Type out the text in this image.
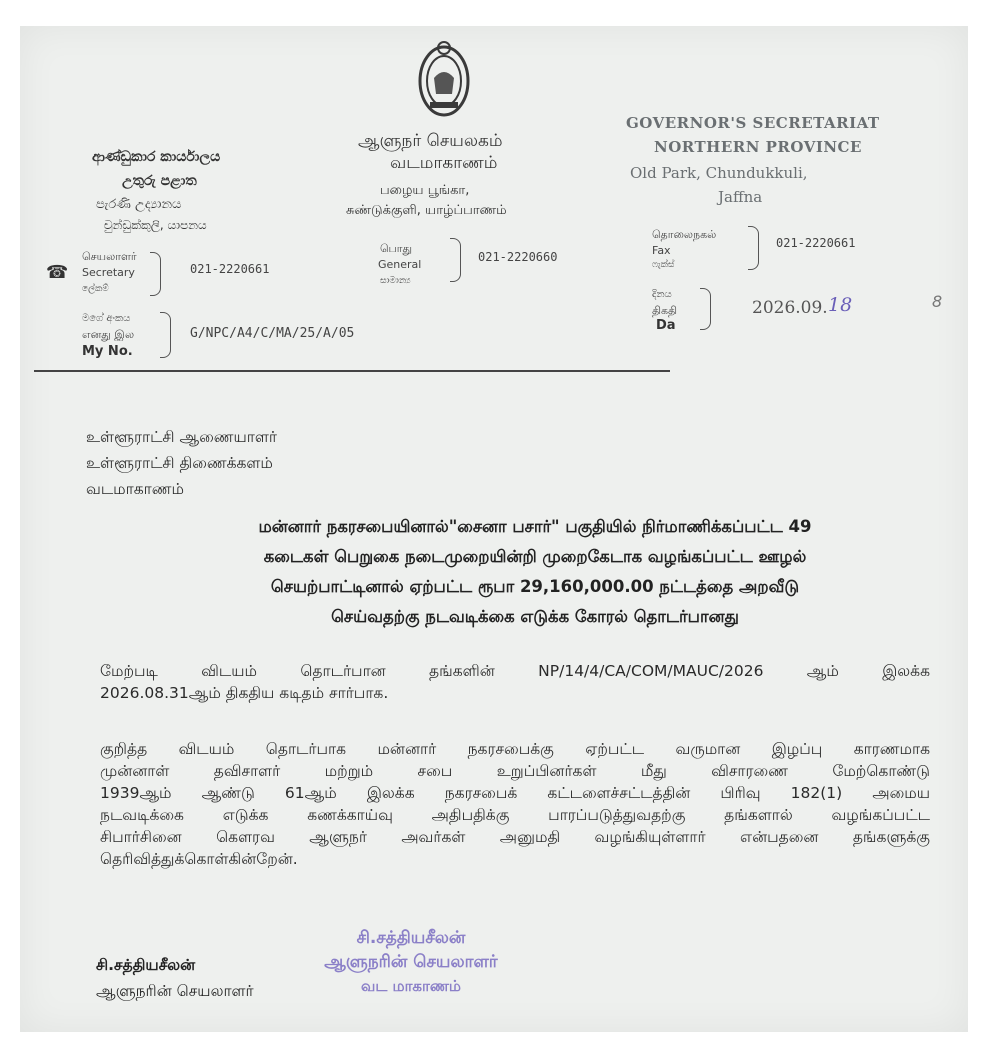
ආණ්ඩුකාර කාර්යාලය
උතුරු පළාත
පැරණි උද්‍යානය
චුන්ඩුක්කුලි, යාපනය
ஆளுநர் செயலகம்
வடமாகாணம்
பழைய பூங்கா,
சுண்டுக்குளி, யாழ்ப்பாணம்
GOVERNOR'S SECRETARIAT
NORTHERN PROVINCE
Old Park, Chundukkuli,
Jaffna
☎
செயலாளர்
Secretary
ලේකම්
021-2220661
பொது
General
සාමාන්‍ය
021-2220660
தொலைநகல்
Fax
ෆැක්ස්
021-2220661
මගේ අංකය
எனது இல
My No.
G/NPC/A4/C/MA/25/A/05
දිනය
திகதி
Da
2026.09. 18	8
உள்ளூராட்சி ஆணையாளர்
உள்ளூராட்சி திணைக்களம்
வடமாகாணம்
மன்னார் நகரசபையினால்"சைனா பசார்" பகுதியில் நிர்மாணிக்கப்பட்ட 49
கடைகள் பெறுகை நடைமுறையின்றி முறைகேடாக வழங்கப்பட்ட ஊழல்
செயற்பாட்டினால் ஏற்பட்ட ரூபா 29,160,000.00 நட்டத்தை அறவீடு
செய்வதற்கு நடவடிக்கை எடுக்க கோரல் தொடர்பானது
மேற்படி விடயம் தொடர்பான தங்களின் NP/14/4/CA/COM/MAUC/2026 ஆம் இலக்க
2026.08.31ஆம் திகதிய கடிதம் சார்பாக.
குறித்த விடயம் தொடர்பாக மன்னார் நகரசபைக்கு ஏற்பட்ட வருமான இழப்பு காரணமாக
முன்னாள் தவிசாளர் மற்றும் சபை உறுப்பினர்கள் மீது விசாரணை மேற்கொண்டு
1939ஆம் ஆண்டு 61ஆம் இலக்க நகரசபைக் கட்டளைச்சட்டத்தின் பிரிவு 182(1) அமைய
நடவடிக்கை எடுக்க கணக்காய்வு அதிபதிக்கு பாரப்படுத்துவதற்கு தங்களால் வழங்கப்பட்ட
சிபார்சினை கௌரவ ஆளுநர் அவர்கள் அனுமதி வழங்கியுள்ளார் என்பதனை தங்களுக்கு
தெரிவித்துக்கொள்கின்றேன்.
சி.சத்தியசீலன்
ஆளுநரின் செயலாளர்
வட மாகாணம்
சி.சத்தியசீலன்
ஆளுநரின் செயலாளர்
